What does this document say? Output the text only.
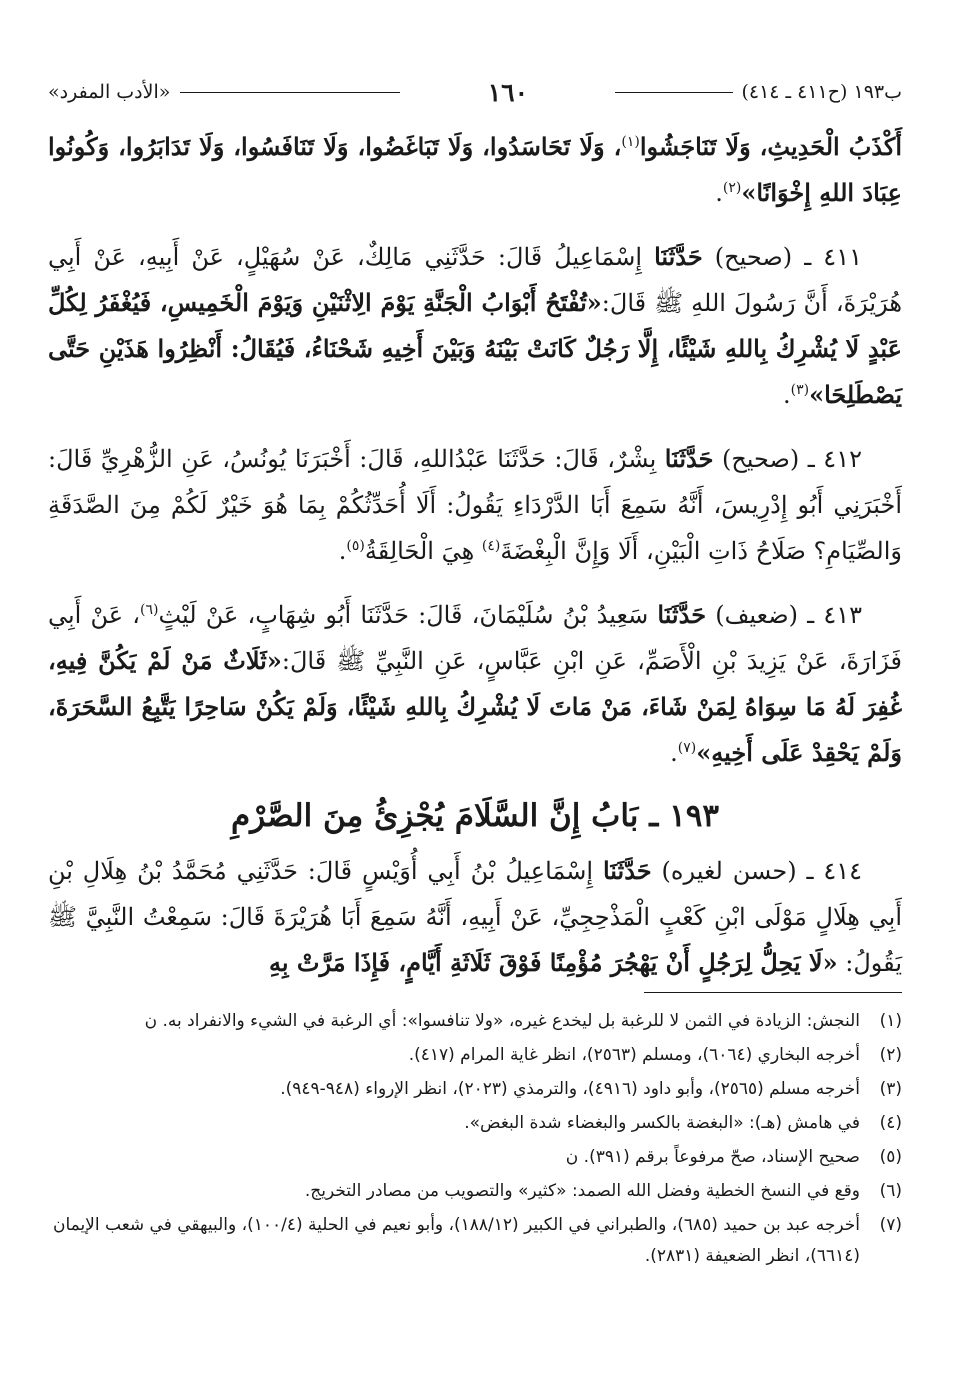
ب١٩٣ (ح٤١١ ـ ٤١٤)
١٦٠
«الأدب المفرد»

أَكْذَبُ الْحَدِيثِ، وَلَا تَنَاجَشُوا$^{(١)}$، وَلَا تَحَاسَدُوا، وَلَا تَبَاغَضُوا، وَلَا تَنَافَسُوا، وَلَا تَدَابَرُوا، وَكُونُوا عِبَادَ اللهِ إِخْوَانًا»$^{(٢)}$.

٤١١ ـ (صحيح) حَدَّثَنَا إِسْمَاعِيلُ قَالَ: حَدَّثَنِي مَالِكٌ، عَنْ سُهَيْلٍ، عَنْ أَبِيهِ، عَنْ أَبِي هُرَيْرَةَ، أَنَّ رَسُولَ اللهِ ﷺ قَالَ:«تُفْتَحُ أَبْوَابُ الْجَنَّةِ يَوْمَ الِاثْنَيْنِ وَيَوْمَ الْخَمِيسِ، فَيُغْفَرُ لِكُلِّ عَبْدٍ لَا يُشْرِكُ بِاللهِ شَيْئًا، إِلَّا رَجُلٌ كَانَتْ بَيْنَهُ وَبَيْنَ أَخِيهِ شَحْنَاءُ، فَيُقَالُ: أَنْظِرُوا هَذَيْنِ حَتَّى يَصْطَلِحَا»$^{(٣)}$.

٤١٢ ـ (صحيح) حَدَّثَنَا بِشْرٌ، قَالَ: حَدَّثَنَا عَبْدُاللهِ، قَالَ: أَخْبَرَنَا يُونُسُ، عَنِ الزُّهْرِيِّ قَالَ: أَخْبَرَنِي أَبُو إِدْرِيسَ، أَنَّهُ سَمِعَ أَبَا الدَّرْدَاءِ يَقُولُ: أَلَا أُحَدِّثُكُمْ بِمَا هُوَ خَيْرٌ لَكُمْ مِنَ الصَّدَقَةِ وَالصِّيَامِ؟ صَلَاحُ ذَاتِ الْبَيْنِ، أَلَا وَإِنَّ الْبِغْضَةَ$^{(٤)}$ هِيَ الْحَالِقَةُ$^{(٥)}$.

٤١٣ ـ (ضعيف) حَدَّثَنَا سَعِيدُ بْنُ سُلَيْمَانَ، قَالَ: حَدَّثَنَا أَبُو شِهَابٍ، عَنْ لَيْثٍ$^{(٦)}$، عَنْ أَبِي فَزَارَةَ، عَنْ يَزِيدَ بْنِ الْأَصَمِّ، عَنِ ابْنِ عَبَّاسٍ، عَنِ النَّبِيِّ ﷺ قَالَ:«ثَلَاثٌ مَنْ لَمْ يَكُنَّ فِيهِ، غُفِرَ لَهُ مَا سِوَاهُ لِمَنْ شَاءَ، مَنْ مَاتَ لَا يُشْرِكُ بِاللهِ شَيْئًا، وَلَمْ يَكُنْ سَاحِرًا يَتَّبِعُ السَّحَرَةَ، وَلَمْ يَحْقِدْ عَلَى أَخِيهِ»$^{(٧)}$.

١٩٣ ـ بَابُ إِنَّ السَّلَامَ يُجْزِئُ مِنَ الصَّرْمِ

٤١٤ ـ (حسن لغيره) حَدَّثَنَا إِسْمَاعِيلُ بْنُ أَبِي أُوَيْسٍ قَالَ: حَدَّثَنِي مُحَمَّدُ بْنُ هِلَالِ بْنِ أَبِي هِلَالٍ مَوْلَى ابْنِ كَعْبٍ الْمَذْحِجِيِّ، عَنْ أَبِيهِ، أَنَّهُ سَمِعَ أَبَا هُرَيْرَةَ قَالَ: سَمِعْتُ النَّبِيَّ ﷺ يَقُولُ: «لَا يَحِلُّ لِرَجُلٍ أَنْ يَهْجُرَ مُؤْمِنًا فَوْقَ ثَلَاثَةِ أَيَّامٍ، فَإِذَا مَرَّتْ بِهِ

(١)
النجش: الزيادة في الثمن لا للرغبة بل ليخدع غيره، «ولا تنافسوا»: أي الرغبة في الشيء والانفراد به. ن
(٢)
أخرجه البخاري (٦٠٦٤)، ومسلم (٢٥٦٣)، انظر غاية المرام (٤١٧).
(٣)
أخرجه مسلم (٢٥٦٥)، وأبو داود (٤٩١٦)، والترمذي (٢٠٢٣)، انظر الإرواء (٩٤٨-٩٤٩).
(٤)
في هامش (هـ): «البغضة بالكسر والبغضاء شدة البغض».
(٥)
صحيح الإسناد، صحّ مرفوعاً برقم (٣٩١). ن
(٦)
وقع في النسخ الخطية وفضل الله الصمد: «كثير» والتصويب من مصادر التخريج.
(٧)
أخرجه عبد بن حميد (٦٨٥)، والطبراني في الكبير (١٨٨/١٢)، وأبو نعيم في الحلية (١٠٠/٤)، والبيهقي في شعب الإيمان (٦٦١٤)، انظر الضعيفة (٢٨٣١).
